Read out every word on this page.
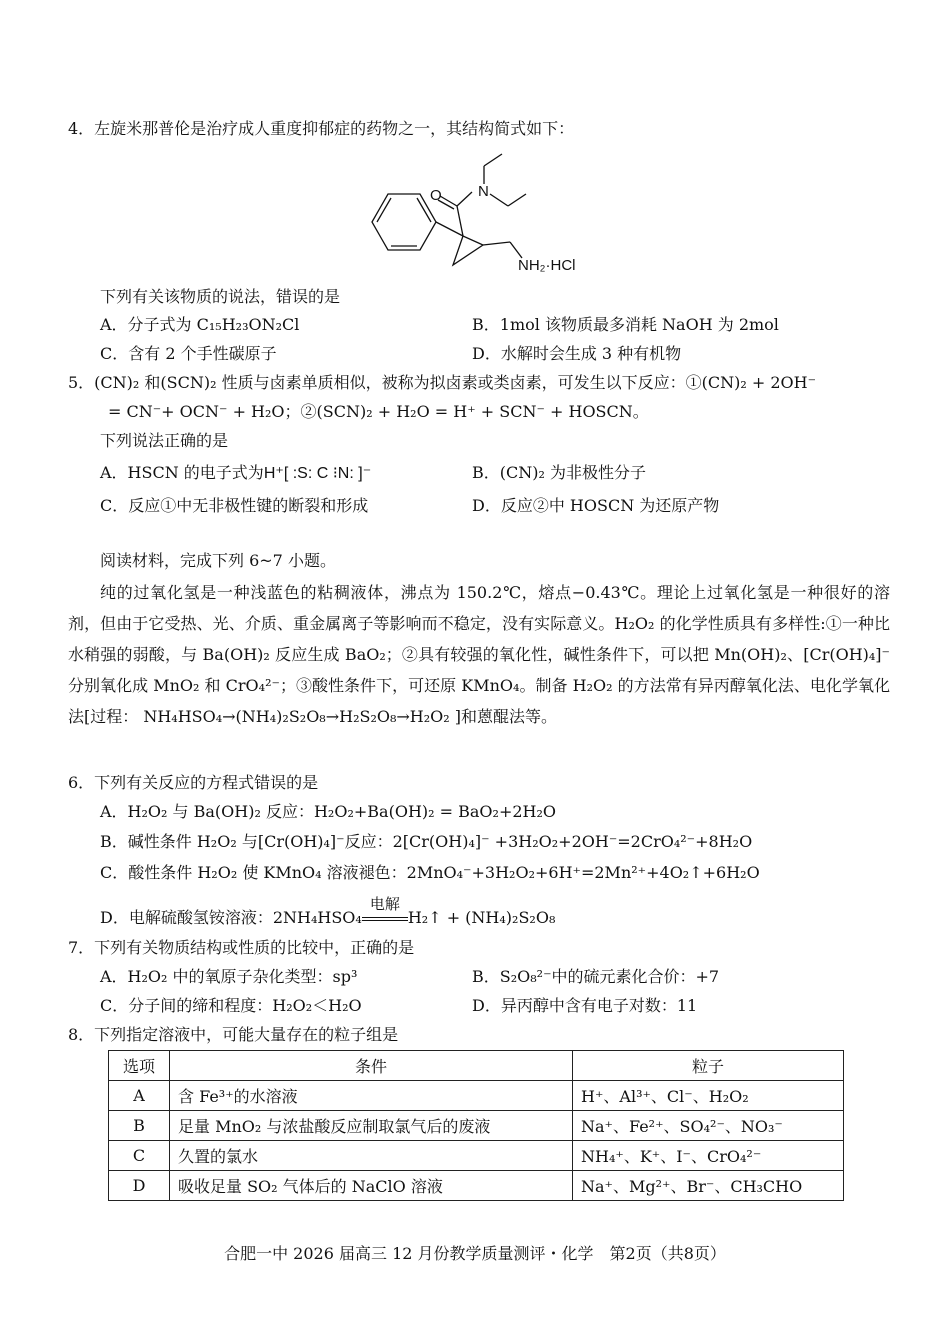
4．左旋米那普伦是治疗成人重度抑郁症的药物之一，其结构简式如下：
O N
NH₂·HCl
下列有关该物质的说法，错误的是
A．分子式为 C₁₅H₂₃ON₂Cl	B．1mol 该物质最多消耗 NaOH 为 2mol
C．含有 2 个手性碳原子	D．水解时会生成 3 种有机物
5．(CN)₂ 和(SCN)₂ 性质与卤素单质相似，被称为拟卤素或类卤素，可发生以下反应：①(CN)₂ + 2OH⁻
= CN⁻+ OCN⁻ + H₂O；②(SCN)₂ + H₂O = H⁺ + SCN⁻ + HOSCN。
下列说法正确的是
A．HSCN 的电子式为H⁺[ :S: C ⁝N: ]⁻	B．(CN)₂ 为非极性分子
C．反应①中无非极性键的断裂和形成	D．反应②中 HOSCN 为还原产物
阅读材料，完成下列 6~7 小题。
纯的过氧化氢是一种浅蓝色的粘稠液体，沸点为 150.2℃，熔点−0.43℃。理论上过氧化氢是一种很好的溶剂，但由于它受热、光、介质、重金属离子等影响而不稳定，没有实际意义。H₂O₂ 的化学性质具有多样性:①一种比水稍强的弱酸，与 Ba(OH)₂ 反应生成 BaO₂；②具有较强的氧化性，碱性条件下，可以把 Mn(OH)₂、[Cr(OH)₄]⁻ 分别氧化成 MnO₂ 和 CrO₄²⁻；③酸性条件下，可还原 KMnO₄。制备 H₂O₂ 的方法常有异丙醇氧化法、电化学氧化法[过程： NH₄HSO₄→(NH₄)₂S₂O₈→H₂S₂O₈→H₂O₂ ]和蒽醌法等。
6．下列有关反应的方程式错误的是
A．H₂O₂ 与 Ba(OH)₂ 反应：H₂O₂+Ba(OH)₂ = BaO₂+2H₂O
B．碱性条件 H₂O₂ 与[Cr(OH)₄]⁻反应：2[Cr(OH)₄]⁻ +3H₂O₂+2OH⁻=2CrO₄²⁻+8H₂O
C．酸性条件 H₂O₂ 使 KMnO₄ 溶液褪色：2MnO₄⁻+3H₂O₂+6H⁺=2Mn²⁺+4O₂↑+6H₂O
D．电解硫酸氢铵溶液：2NH₄HSO₄
电解
H₂↑ + (NH₄)₂S₂O₈
7．下列有关物质结构或性质的比较中，正确的是
A．H₂O₂ 中的氧原子杂化类型：sp³	B．S₂O₈²⁻中的硫元素化合价：+7
C．分子间的缔和程度：H₂O₂＜H₂O	D．异丙醇中含有电子对数：11
8．下列指定溶液中，可能大量存在的粒子组是
选项	条件	粒子
A	含 Fe³⁺的水溶液	H⁺、Al³⁺、Cl⁻、H₂O₂
B	足量 MnO₂ 与浓盐酸反应制取氯气后的废液	Na⁺、Fe²⁺、SO₄²⁻、NO₃⁻
C	久置的氯水	NH₄⁺、K⁺、I⁻、CrO₄²⁻
D	吸收足量 SO₂ 气体后的 NaClO 溶液	Na⁺、Mg²⁺、Br⁻、CH₃CHO
合肥一中 2026 届高三 12 月份教学质量测评・化学　第2页（共8页）
